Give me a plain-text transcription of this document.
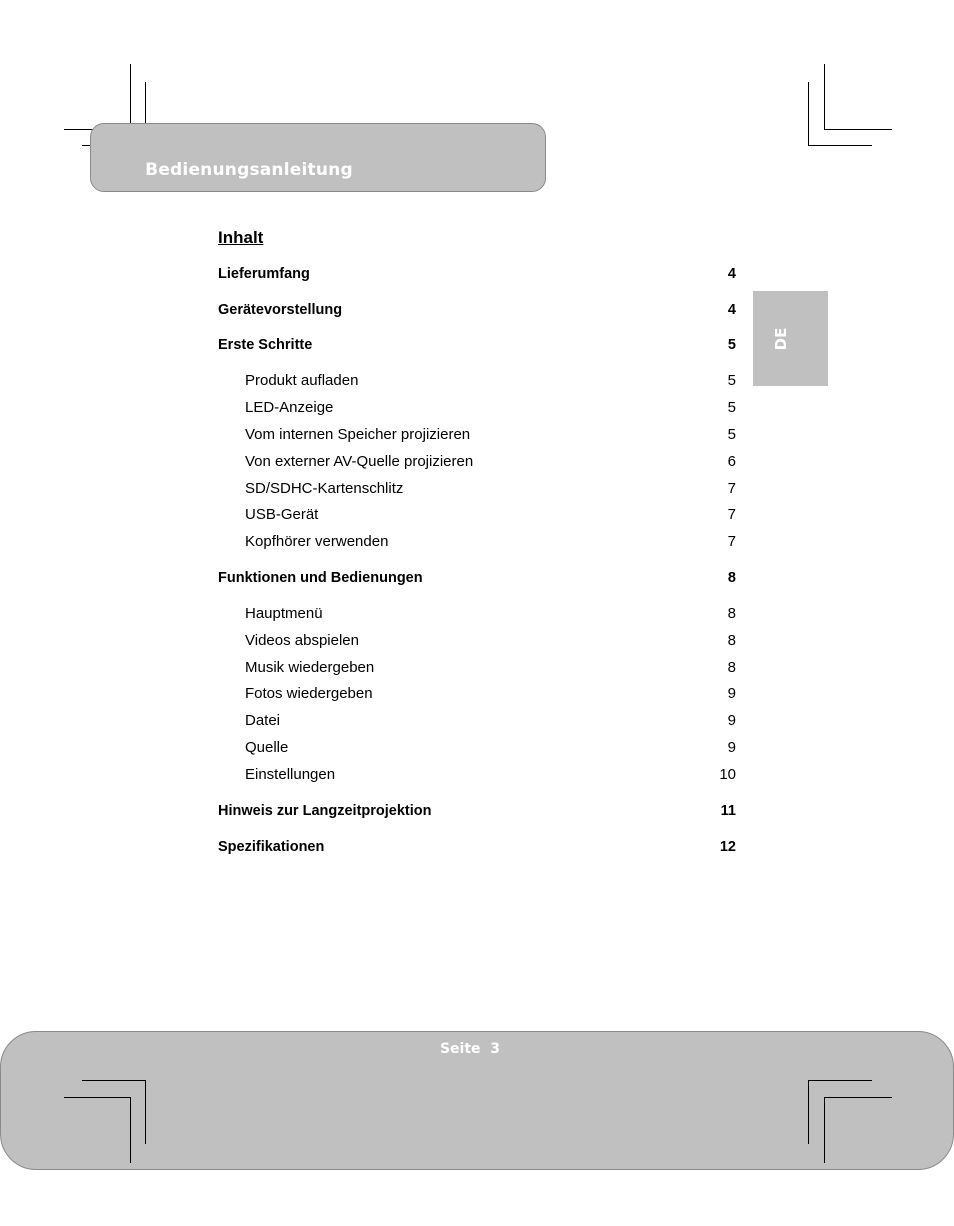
Bedienungsanleitung
DE
Inhalt
Lieferumfang	4
Gerätevorstellung	4
Erste Schritte	5
Produkt aufladen	5
LED-Anzeige	5
Vom internen Speicher projizieren	5
Von externer AV-Quelle projizieren	6
SD/SDHC-Kartenschlitz	7
USB-Gerät	7
Kopfhörer verwenden	7
Funktionen und Bedienungen	8
Hauptmenü	8
Videos abspielen	8
Musik wiedergeben	8
Fotos wiedergeben	9
Datei	9
Quelle	9
Einstellungen	10
Hinweis zur Langzeitprojektion	11
Spezifikationen	12
Seite  3
